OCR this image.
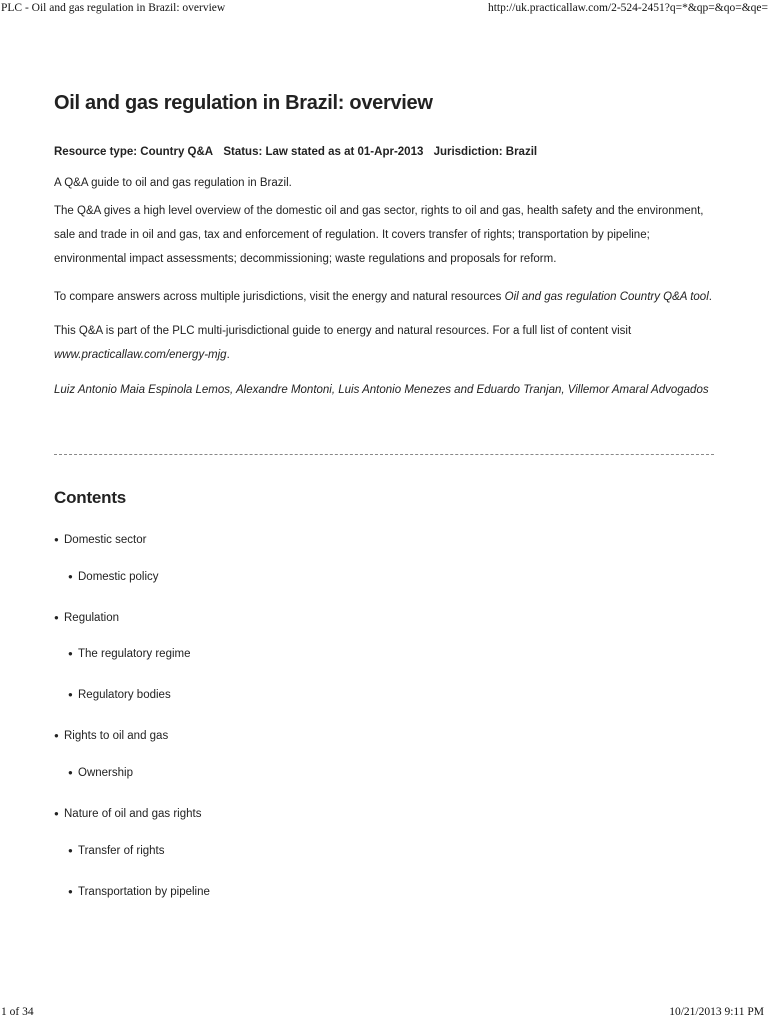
PLC - Oil and gas regulation in Brazil: overview	http://uk.practicallaw.com/2-524-2451?q=*&qp=&qo=&qe=
Oil and gas regulation in Brazil: overview
Resource type: Country Q&A Status: Law stated as at 01-Apr-2013 Jurisdiction: Brazil

A Q&A guide to oil and gas regulation in Brazil.

The Q&A gives a high level overview of the domestic oil and gas sector, rights to oil and gas, health safety and the environment, sale and trade in oil and gas, tax and enforcement of regulation. It covers transfer of rights; transportation by pipeline; environmental impact assessments; decommissioning; waste regulations and proposals for reform.

To compare answers across multiple jurisdictions, visit the energy and natural resources Oil and gas regulation Country Q&A tool.

This Q&A is part of the PLC multi-jurisdictional guide to energy and natural resources. For a full list of content visit www.practicallaw.com/energy-mjg.

Luiz Antonio Maia Espinola Lemos, Alexandre Montoni, Luis Antonio Menezes and Eduardo Tranjan, Villemor Amaral Advogados

Contents
● Domestic sector
● Domestic policy
● Regulation
● The regulatory regime
● Regulatory bodies
● Rights to oil and gas
● Ownership
● Nature of oil and gas rights
● Transfer of rights
● Transportation by pipeline
1 of 34	10/21/2013 9:11 PM
